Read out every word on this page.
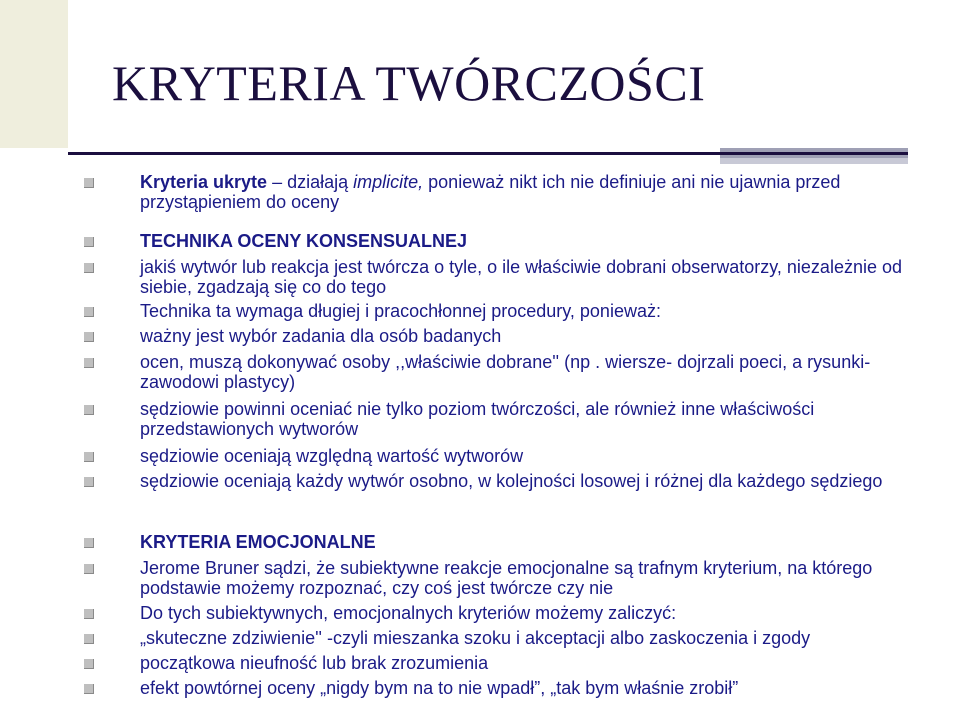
KRYTERIA TWÓRCZOŚCI
Kryteria ukryte – działają implicite, ponieważ nikt ich nie definiuje ani nie ujawnia przed przystąpieniem do oceny
TECHNIKA OCENY KONSENSUALNEJ
jakiś wytwór lub reakcja jest twórcza o tyle, o ile właściwie dobrani obserwatorzy, niezależnie od siebie, zgadzają się co do tego
Technika ta wymaga długiej i pracochłonnej procedury, ponieważ:
ważny jest wybór zadania dla osób badanych
ocen, muszą dokonywać osoby ,,właściwie dobrane'' (np . wiersze- dojrzali poeci, a rysunki- zawodowi plastycy)
sędziowie powinni oceniać nie tylko poziom twórczości, ale również inne właściwości przedstawionych wytworów
sędziowie oceniają względną wartość wytworów
sędziowie oceniają każdy wytwór osobno, w kolejności losowej i różnej dla każdego sędziego
KRYTERIA EMOCJONALNE
Jerome Bruner sądzi, że subiektywne reakcje emocjonalne są trafnym kryterium, na którego podstawie możemy rozpoznać, czy coś jest twórcze czy nie
Do tych subiektywnych, emocjonalnych kryteriów możemy zaliczyć:
„skuteczne zdziwienie'' -czyli mieszanka szoku i akceptacji albo zaskoczenia i zgody
początkowa nieufność lub brak zrozumienia
efekt powtórnej oceny „nigdy bym na to nie wpadł”, „tak bym właśnie zrobił”
